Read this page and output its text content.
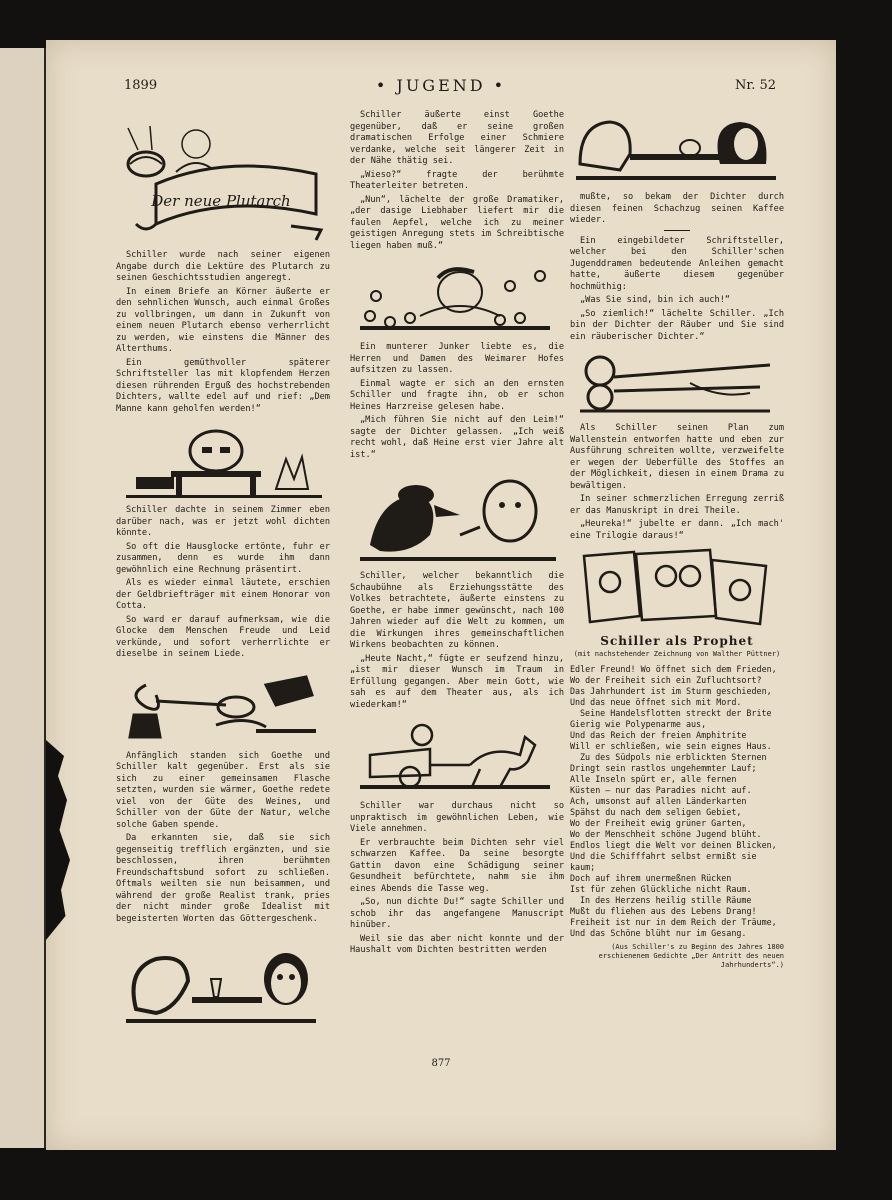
1899	• JUGEND •	Nr. 52
Der neue Plutarch

Schiller wurde nach seiner eigenen Angabe durch die Lektüre des Plutarch zu seinen Geschichtsstudien angeregt.

In einem Briefe an Körner äußerte er den sehnlichen Wunsch, auch einmal Großes zu vollbringen, um dann in Zukunft von einem neuen Plutarch ebenso verherrlicht zu werden, wie einstens die Männer des Alterthums.

Ein gemüthvoller späterer Schriftsteller las mit klopfendem Herzen diesen rührenden Erguß des hochstrebenden Dichters, wallte edel auf und rief: „Dem Manne kann geholfen werden!“

Schiller dachte in seinem Zimmer eben darüber nach, was er jetzt wohl dichten könnte.

So oft die Hausglocke ertönte, fuhr er zusammen, denn es wurde ihm dann gewöhnlich eine Rechnung präsentirt.

Als es wieder einmal läutete, erschien der Geldbriefträger mit einem Honorar von Cotta.

So ward er darauf aufmerksam, wie die Glocke dem Menschen Freude und Leid verkünde, und sofort verherrlichte er dieselbe in seinem Liede.

Anfänglich standen sich Goethe und Schiller kalt gegenüber. Erst als sie sich zu einer gemeinsamen Flasche setzten, wurden sie wärmer, Goethe redete viel von der Güte des Weines, und Schiller von der Güte der Natur, welche solche Gaben spende.

Da erkannten sie, daß sie sich gegenseitig trefflich ergänzten, und sie beschlossen, ihren berühmten Freundschaftsbund sofort zu schließen. Oftmals weilten sie nun beisammen, und während der große Realist trank, pries der nicht minder große Idealist mit begeisterten Worten das Göttergeschenk.

Schiller äußerte einst Goethe gegenüber, daß er seine großen dramatischen Erfolge einer Schmiere verdanke, welche seit längerer Zeit in der Nähe thätig sei.

„Wieso?“ fragte der berühmte Theaterleiter betreten.

„Nun“, lächelte der große Dramatiker, „der dasige Liebhaber liefert mir die faulen Aepfel, welche ich zu meiner geistigen Anregung stets im Schreibtische liegen haben muß.“

Ein munterer Junker liebte es, die Herren und Damen des Weimarer Hofes aufsitzen zu lassen.

Einmal wagte er sich an den ernsten Schiller und fragte ihn, ob er schon Heines Harzreise gelesen habe.

„Mich führen Sie nicht auf den Leim!“ sagte der Dichter gelassen. „Ich weiß recht wohl, daß Heine erst vier Jahre alt ist.“

Schiller, welcher bekanntlich die Schaubühne als Erziehungsstätte des Volkes betrachtete, äußerte einstens zu Goethe, er habe immer gewünscht, nach 100 Jahren wieder auf die Welt zu kommen, um die Wirkungen ihres gemeinschaftlichen Wirkens beobachten zu können.

„Heute Nacht,“ fügte er seufzend hinzu, „ist mir dieser Wunsch im Traum in Erfüllung gegangen. Aber mein Gott, wie sah es auf dem Theater aus, als ich wiederkam!“

Schiller war durchaus nicht so unpraktisch im gewöhnlichen Leben, wie Viele annehmen.

Er verbrauchte beim Dichten sehr viel schwarzen Kaffee. Da seine besorgte Gattin davon eine Schädigung seiner Gesundheit befürchtete, nahm sie ihm eines Abends die Tasse weg.

„So, nun dichte Du!“ sagte Schiller und schob ihr das angefangene Manuscript hinüber.

Weil sie das aber nicht konnte und der Haushalt vom Dichten bestritten werden

mußte, so bekam der Dichter durch diesen feinen Schachzug seinen Kaffee wieder.

Ein eingebildeter Schriftsteller, welcher bei den Schiller'schen Jugenddramen bedeutende Anleihen gemacht hatte, äußerte diesem gegenüber hochmüthig:

„Was Sie sind, bin ich auch!“

„So ziemlich!“ lächelte Schiller. „Ich bin der Dichter der Räuber und Sie sind ein räuberischer Dichter.“

Als Schiller seinen Plan zum Wallenstein entworfen hatte und eben zur Ausführung schreiten wollte, verzweifelte er wegen der Ueberfülle des Stoffes an der Möglichkeit, diesen in einem Drama zu bewältigen.

In seiner schmerzlichen Erregung zerriß er das Manuskript in drei Theile.

„Heureka!“ jubelte er dann. „Ich mach' eine Trilogie daraus!“

Schiller als Prophet
(mit nachstehender Zeichnung von Walther Püttner)
Edler Freund! Wo öffnet sich dem Frieden,
Wo der Freiheit sich ein Zufluchtsort?
Das Jahrhundert ist im Sturm geschieden,
Und das neue öffnet sich mit Mord.
Seine Handelsflotten streckt der Brite
Gierig wie Polypenarme aus,
Und das Reich der freien Amphitrite
Will er schließen, wie sein eignes Haus.
Zu des Südpols nie erblickten Sternen
Dringt sein rastlos ungehemmter Lauf;
Alle Inseln spürt er, alle fernen
Küsten — nur das Paradies nicht auf.
Ach, umsonst auf allen Länderkarten
Spähst du nach dem seligen Gebiet,
Wo der Freiheit ewig grüner Garten,
Wo der Menschheit schöne Jugend blüht.
Endlos liegt die Welt vor deinen Blicken,
Und die Schifffahrt selbst ermißt sie kaum;
Doch auf ihrem unermeßnen Rücken
Ist für zehen Glückliche nicht Raum.
In des Herzens heilig stille Räume
Mußt du fliehen aus des Lebens Drang!
Freiheit ist nur in dem Reich der Träume,
Und das Schöne blüht nur im Gesang.
(Aus Schiller's zu Beginn des Jahres 1800 erschienenem Gedichte „Der Antritt des neuen Jahrhunderts“.)
877
